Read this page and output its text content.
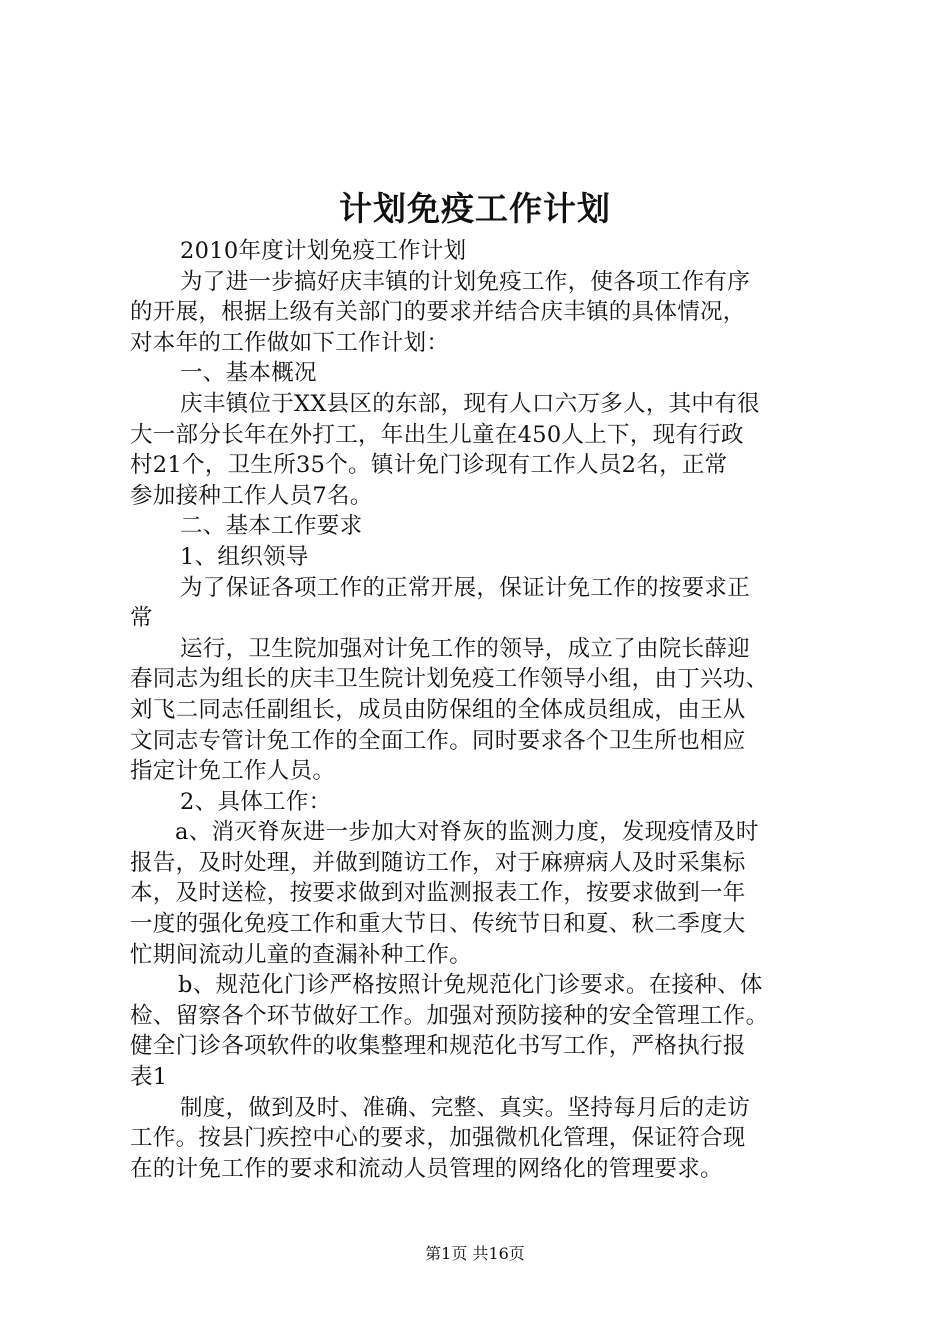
计划免疫工作计划
2010年度计划免疫工作计划
为了进一步搞好庆丰镇的计划免疫工作，使各项工作有序
的开展，根据上级有关部门的要求并结合庆丰镇的具体情况，
对本年的工作做如下工作计划：
一、基本概况
庆丰镇位于XX县区的东部，现有人口六万多人，其中有很
大一部分长年在外打工，年出生儿童在450人上下，现有行政
村21个，卫生所35个。镇计免门诊现有工作人员2名，正常
参加接种工作人员7名。
二、基本工作要求
1、组织领导
为了保证各项工作的正常开展，保证计免工作的按要求正
常
运行，卫生院加强对计免工作的领导，成立了由院长薛迎
春同志为组长的庆丰卫生院计划免疫工作领导小组，由丁兴功、
刘飞二同志任副组长，成员由防保组的全体成员组成，由王从
文同志专管计免工作的全面工作。同时要求各个卫生所也相应
指定计免工作人员。
2、具体工作：
a、消灭脊灰进一步加大对脊灰的监测力度，发现疫情及时
报告，及时处理，并做到随访工作，对于麻痹病人及时采集标
本，及时送检，按要求做到对监测报表工作，按要求做到一年
一度的强化免疫工作和重大节日、传统节日和夏、秋二季度大
忙期间流动儿童的查漏补种工作。
b、规范化门诊严格按照计免规范化门诊要求。在接种、体
检、留察各个环节做好工作。加强对预防接种的安全管理工作。
健全门诊各项软件的收集整理和规范化书写工作，严格执行报
表1
制度，做到及时、准确、完整、真实。坚持每月后的走访
工作。按县门疾控中心的要求，加强微机化管理，保证符合现
在的计免工作的要求和流动人员管理的网络化的管理要求。
第1页 共16页
